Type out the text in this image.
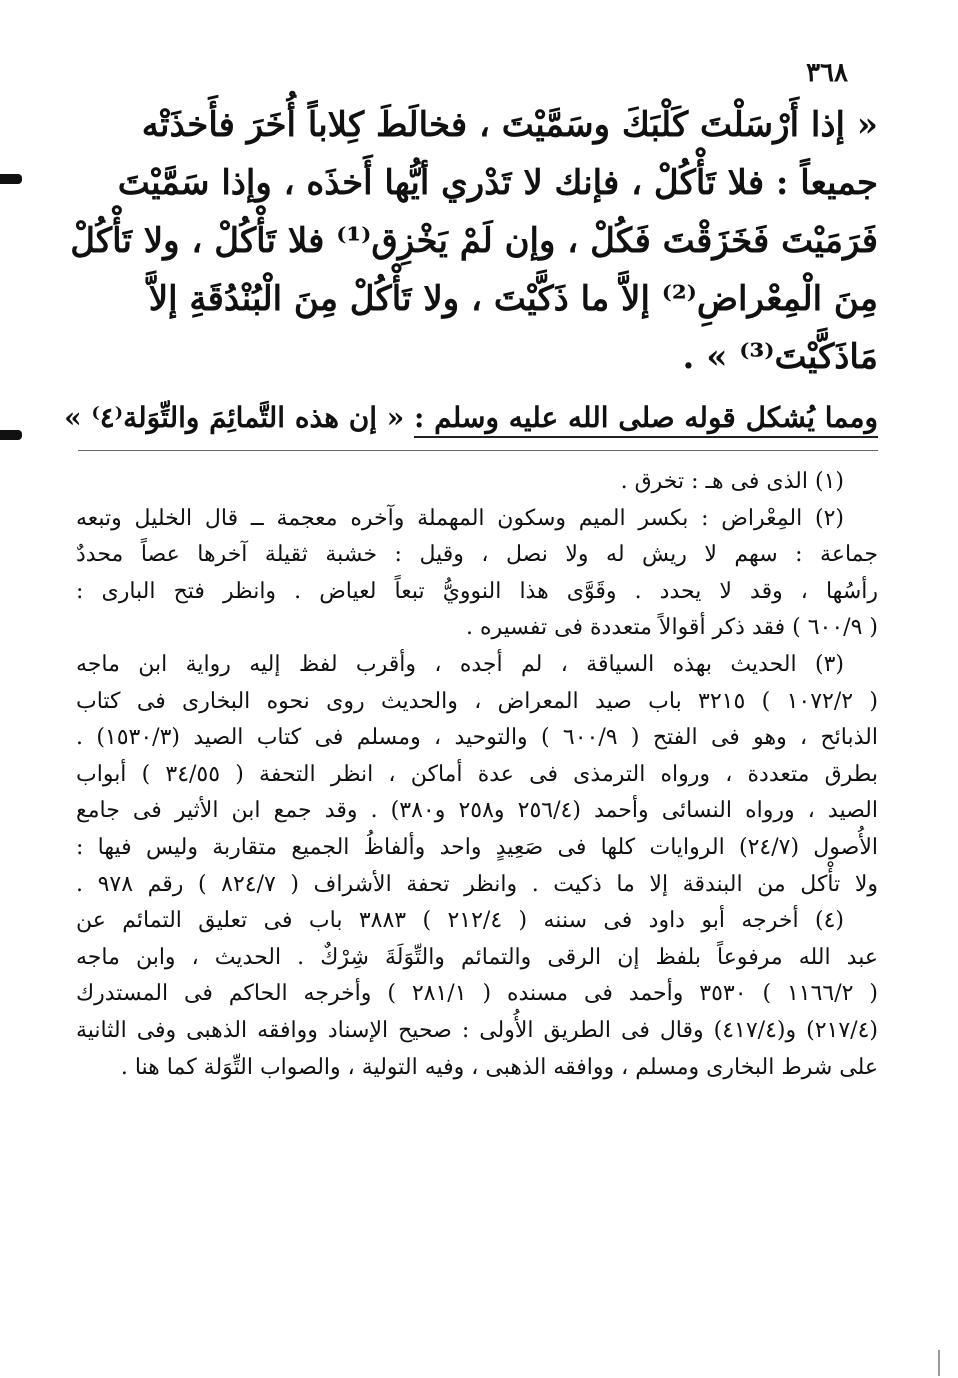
٣٦٨
« إذا أَرْسَلْتَ كَلْبَكَ وسَمَّيْتَ ، فخالَطَ كِلاباً أُخَرَ فأَخذَتْه
جميعاً : فلا تَأْكُلْ ، فإنك لا تَدْري أيُّها أَخذَه ، وإذا سَمَّيْتَ
فَرَمَيْتَ فَخَزَقْتَ فَكُلْ ، وإن لَمْ يَخْزِق⁽¹⁾ فلا تَأْكُلْ ، ولا تَأْكُلْ
مِنَ الْمِعْراضِ⁽²⁾ إلاَّ ما ذَكَّيْتَ ، ولا تَأْكُلْ مِنَ الْبُنْدُقَةِ إلاَّ
مَاذَكَّيْتَ⁽³⁾ » .
ومما يُشكل قوله صلى الله عليه وسلم : « إن هذه التَّمائِمَ والتِّوَلة⁽٤⁾ »
(١) الذى فى هـ : تخرق .
(٢) المِعْراض : بكسر الميم وسكون المهملة وآخره معجمة ــ قال الخليل وتبعه
جماعة : سهم لا ريش له ولا نصل ، وقيل : خشبة ثقيلة آخرها عصاً محددٌ
رأسُها ، وقد لا يحدد . وقَوَّى هذا النوويُّ تبعاً لعياض . وانظر فتح البارى :
( ٦٠٠/٩ ) فقد ذكر أقوالاً متعددة فى تفسيره .
(٣) الحديث بهذه السياقة ، لم أجده ، وأقرب لفظ إليه رواية ابن ماجه
( ١٠٧٢/٢ ) ٣٢١٥ باب صيد المعراض ، والحديث روى نحوه البخارى فى كتاب
الذبائح ، وهو فى الفتح ( ٦٠٠/٩ ) والتوحيد ، ومسلم فى كتاب الصيد (١٥٣٠/٣) .
بطرق متعددة ، ورواه الترمذى فى عدة أماكن ، انظر التحفة ( ٣٤/٥٥ ) أبواب
الصيد ، ورواه النسائى وأحمد (٢٥٦/٤ و٢٥٨ و٣٨٠) . وقد جمع ابن الأثير فى جامع
الأُصول (٢٤/٧) الروايات كلها فى صَعِيدٍ واحد وألفاظُ الجميع متقاربة وليس فيها :
ولا تأْكل من البندقة إلا ما ذكيت . وانظر تحفة الأشراف ( ٨٢٤/٧ ) رقم ٩٧٨ .
(٤) أخرجه أبو داود فى سننه ( ٢١٢/٤ ) ٣٨٨٣ باب فى تعليق التمائم عن
عبد الله مرفوعاً بلفظ إن الرقى والتمائم والتِّوَلَةَ شِرْكٌ . الحديث ، وابن ماجه
( ١١٦٦/٢ ) ٣٥٣٠ وأحمد فى مسنده ( ٢٨١/١ ) وأخرجه الحاكم فى المستدرك
(٢١٧/٤) و(٤١٧/٤) وقال فى الطريق الأُولى : صحيح الإسناد ووافقه الذهبى وفى الثانية
على شرط البخارى ومسلم ، ووافقه الذهبى ، وفيه التولية ، والصواب التِّوَلة كما هنا .
